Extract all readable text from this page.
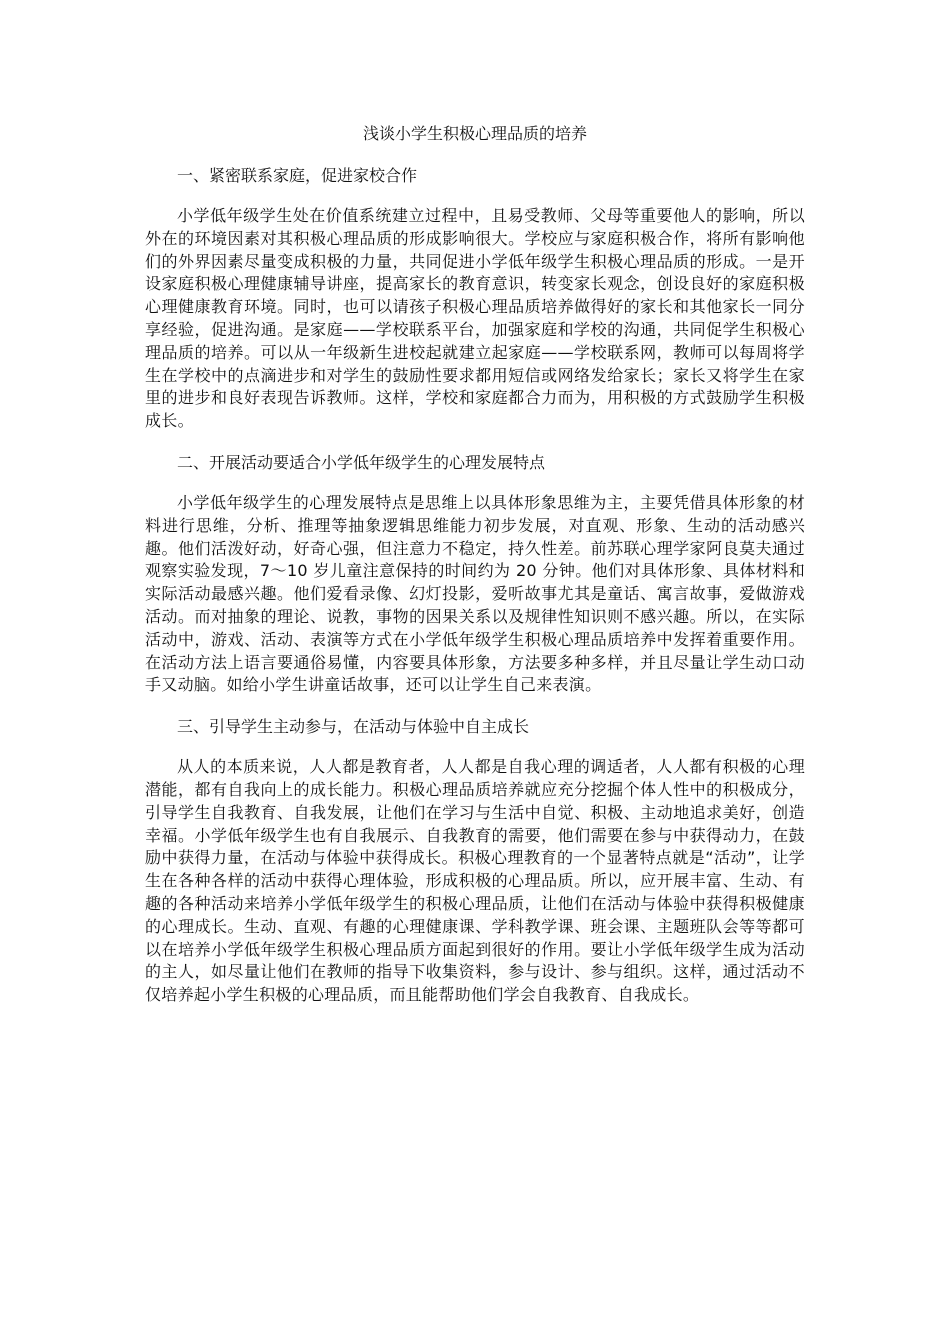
浅谈小学生积极心理品质的培养
一、紧密联系家庭，促进家校合作

小学低年级学生处在价值系统建立过程中，且易受教师、父母等重要他人的影响，所以外在的环境因素对其积极心理品质的形成影响很大。学校应与家庭积极合作，将所有影响他们的外界因素尽量变成积极的力量，共同促进小学低年级学生积极心理品质的形成。一是开设家庭积极心理健康辅导讲座，提高家长的教育意识，转变家长观念，创设良好的家庭积极心理健康教育环境。同时，也可以请孩子积极心理品质培养做得好的家长和其他家长一同分享经验，促进沟通。是家庭——学校联系平台，加强家庭和学校的沟通，共同促学生积极心理品质的培养。可以从一年级新生进校起就建立起家庭——学校联系网，教师可以每周将学生在学校中的点滴进步和对学生的鼓励性要求都用短信或网络发给家长；家长又将学生在家里的进步和良好表现告诉教师。这样，学校和家庭都合力而为，用积极的方式鼓励学生积极成长。

二、开展活动要适合小学低年级学生的心理发展特点

小学低年级学生的心理发展特点是思维上以具体形象思维为主，主要凭借具体形象的材料进行思维，分析、推理等抽象逻辑思维能力初步发展，对直观、形象、生动的活动感兴趣。他们活泼好动，好奇心强，但注意力不稳定，持久性差。前苏联心理学家阿良莫夫通过观察实验发现，7～10 岁儿童注意保持的时间约为 20 分钟。他们对具体形象、具体材料和实际活动最感兴趣。他们爱看录像、幻灯投影，爱听故事尤其是童话、寓言故事，爱做游戏活动。而对抽象的理论、说教，事物的因果关系以及规律性知识则不感兴趣。所以，在实际活动中，游戏、活动、表演等方式在小学低年级学生积极心理品质培养中发挥着重要作用。在活动方法上语言要通俗易懂，内容要具体形象，方法要多种多样，并且尽量让学生动口动手又动脑。如给小学生讲童话故事，还可以让学生自己来表演。

三、引导学生主动参与，在活动与体验中自主成长

从人的本质来说，人人都是教育者，人人都是自我心理的调适者，人人都有积极的心理潜能，都有自我向上的成长能力。积极心理品质培养就应充分挖掘个体人性中的积极成分，引导学生自我教育、自我发展，让他们在学习与生活中自觉、积极、主动地追求美好，创造幸福。小学低年级学生也有自我展示、自我教育的需要，他们需要在参与中获得动力，在鼓励中获得力量，在活动与体验中获得成长。积极心理教育的一个显著特点就是“活动”，让学生在各种各样的活动中获得心理体验，形成积极的心理品质。所以，应开展丰富、生动、有趣的各种活动来培养小学低年级学生的积极心理品质，让他们在活动与体验中获得积极健康的心理成长。生动、直观、有趣的心理健康课、学科教学课、班会课、主题班队会等等都可以在培养小学低年级学生积极心理品质方面起到很好的作用。要让小学低年级学生成为活动的主人，如尽量让他们在教师的指导下收集资料，参与设计、参与组织。这样，通过活动不仅培养起小学生积极的心理品质，而且能帮助他们学会自我教育、自我成长。
